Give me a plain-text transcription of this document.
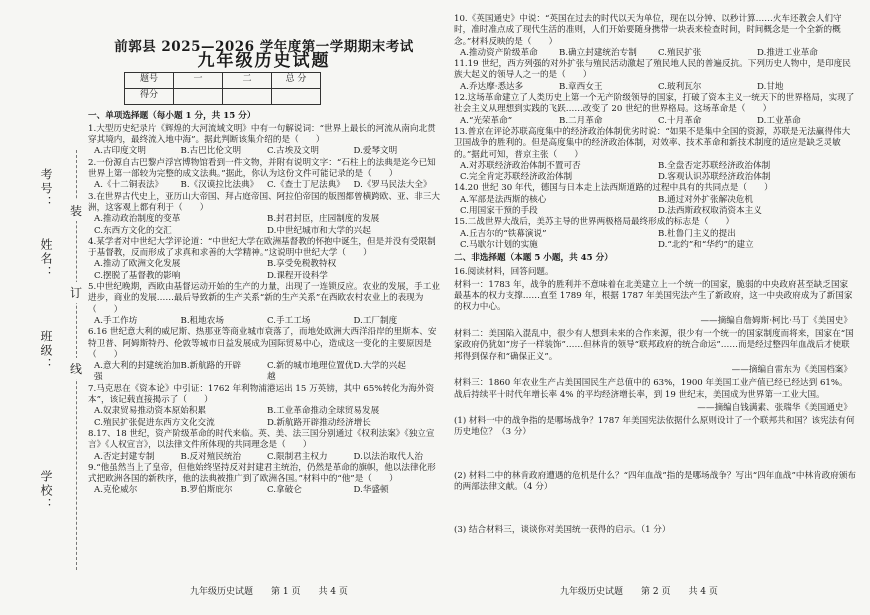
考号：
姓名：
班级：
学校：
装
订
线
前郭县 2025—2026 学年度第一学期期末考试
九年级历史试题
题号	一	二	总 分
得分			
一、单项选择题（每小题 1 分，共 15 分）
1.大型历史纪录片《辉煌的大河流域文明》中有一句解说词：“世界上最长的河流从南向北贯穿其境内，最终流入地中海”。据此判断该集介绍的是（　　）
A.古印度文明	B.古巴比伦文明	C.古埃及文明	D.爱琴文明
2.一份源自古巴黎卢浮宫博物馆看到一件文物，并附有说明文字：“石柱上的法典是迄今已知世界上第一部较为完整的成文法典。”据此，你认为这份文件可能记录的是（　　）
A.《十二铜表法》	B.《汉谟拉比法典》	C.《查士丁尼法典》	D.《罗马民法大全》
3.在世界古代史上，亚历山大帝国、拜占庭帝国、阿拉伯帝国的版图都曾横跨欧、亚、非三大洲，这客观上都有利于（　　）
A.推动政治制度的变革	B.封君封臣，庄园制度的发展
C.东西方文化的交汇	D.中世纪城市和大学的兴起
4.某学者对中世纪大学评论道：“中世纪大学在欧洲基督教的怀抱中诞生，但是并没有受限制于基督教，反而形成了求真和求善的大学精神。”这说明中世纪大学（　　）
A.推动了欧洲文化发展	B.享受免税教特权
C.摆脱了基督教的影响	D.课程开设科学
5.中世纪晚期，西欧由基督运动开始的生产的力量，出现了一连锁反应。农业的发展，手工业进步，商业的发展……最后导致新的生产关系“新的生产关系”在西欧农村农业上的表现为（　　）
A.手工作坊	B.租地农场	C.手工工场	D.工厂制度
6.16 世纪意大利的威尼斯、热那亚等商业城市衰落了，而地处欧洲大西洋沿岸的里斯本、安特卫普、阿姆斯特丹、伦敦等城市日益发展成为国际贸易中心，造成这一变化的主要原因是（　　）
A.意大利的封建统治加强
B.新航路的开辟	C.新的城市地理位置优越
D.大学的兴起
7.马克思在《资本论》中引证：1762 年利物浦港运出 15 万英镑，其中 65%转化为海外资本”，该记载直接揭示了（　　）
A.奴隶贸易推动资本原始积累	B.工业革命推动全球贸易发展
C.殖民扩张促进东西方文化交流	D.新航路开辟推动经济增长
8.17、18 世纪，资产阶级革命的时代来临。英、美、法三国分别通过《权利法案》《独立宣言》《人权宣言》，以法律文件所体现的共同理念是（　　）
A.否定封建专制	B.反对殖民统治	C.限制君主权力	D.以法治取代人治
9.“他虽然当上了皇帝，但他始终坚持反对封建君主统治，仍然是革命的旗帜，他以法律化形式把欧洲各国的新秩序，他的法典被推广到了欧洲各国。”材料中的“他”是（　　）
A.克伦威尔	B.罗伯斯庇尔	C.拿破仑	D.华盛顿
10.《英国通史》中说：“英国在过去的时代以天为单位，现在以分钟、以秒计算……火车还教会人们守时，准时准点成了现代生活的准则，人们开始要随身携带一块表来检查时间，时间概念是一个全新的概念。”材料反映的是（　　）
A.推动资产阶级革命	B.确立封建统治专制	C.殖民扩张	D.推进工业革命
11.19 世纪，西方列强的对外扩张与殖民活动激起了殖民地人民的普遍反抗。下列历史人物中，是印度民族大起义的领导人之一的是（　　）
A.乔达摩·悉达多	B.章西女王	C.玻利瓦尔	D.甘地
12.这场革命建立了人类历史上第一个无产阶级领导的国家，打破了资本主义一统天下的世界格局，实现了社会主义从理想到实践的飞跃……改变了 20 世纪的世界格局。这场革命是（　　）
A.“光荣革命”	B.二月革命	C.十月革命	D.工业革命
13.普京在评论苏联高度集中的经济政治体制优劣时说：“如果不是集中全国的资源，苏联是无法赢得伟大卫国战争的胜利的。但是高度集中的经济政治体制，对效率、技术革命和新技术制度的适应是缺乏灵敏的。”据此可知，普京主张（　　）
A.对苏联经济政治体制不置可否	B.全盘否定苏联经济政治体制
C.完全肯定苏联经济政治体制	D.客观认识苏联经济政治体制
14.20 世纪 30 年代，德国与日本走上法西斯道路的过程中具有的共同点是（　　）
A.军部是法西斯的核心	B.通过对外扩张解决危机
C.用国家干预的手段	D.法西斯政权取消资本主义
15.二战世界大战后，美苏主导的世界两极格局最终形成的标志是（　　）
A.丘吉尔的“铁幕演说”	B.杜鲁门主义的提出
C.马歇尔计划的实施	D.“北约”和“华约”的建立
二、非选择题（本题 5 小题，共 45 分）
16.阅读材料，回答问题。
材料一：1783 年，战争的胜利并不意味着在北美建立上一个统一的国家，脆弱的中央政府甚至缺乏国家最基本的权力支撑……直至 1789 年，根据 1787 年美国宪法产生了新政府，这一中央政府成为了新国家的权力中心。
——摘编自詹姆斯·柯比·马丁《美国史》
材料二：美国陷入混乱中，很少有人想到未来的合作来源，很少有一个统一的国家制度而将来，国家在“国家政府仍犹如“房子一样装饰”……但林肯的领导“联邦政府的统合命运”……而是经过整四年血战后才使联邦得到保存和“确保正义”。
——摘编自雷东为《美国档案》
材料三：1860 年农业生产占美国国民生产总值中的 63%，1900 年美国工业产值已经已经达到 61%。战后持续平十时代年增长率 4% 的平均经济增长率，到 19 世纪末，美国成为世界第一工业大国。
——摘编自钱满素、张瑞华《美国通史》
(1) 材料一中的战争指的是哪场战争？1787 年美国宪法依据什么原则设计了一个联邦共和国？该宪法有何历史地位？（3 分）
(2) 材料二中的林肯政府遭遇的危机是什么？“四年血战”指的是哪场战争？写出“四年血战”中林肯政府颁布的两部法律文献。（4 分）
(3) 结合材料三，谈谈你对美国统一获得的启示。（1 分）
九年级历史试题　　第 1 页　　共 4 页	九年级历史试题　　第 2 页　　共 4 页
